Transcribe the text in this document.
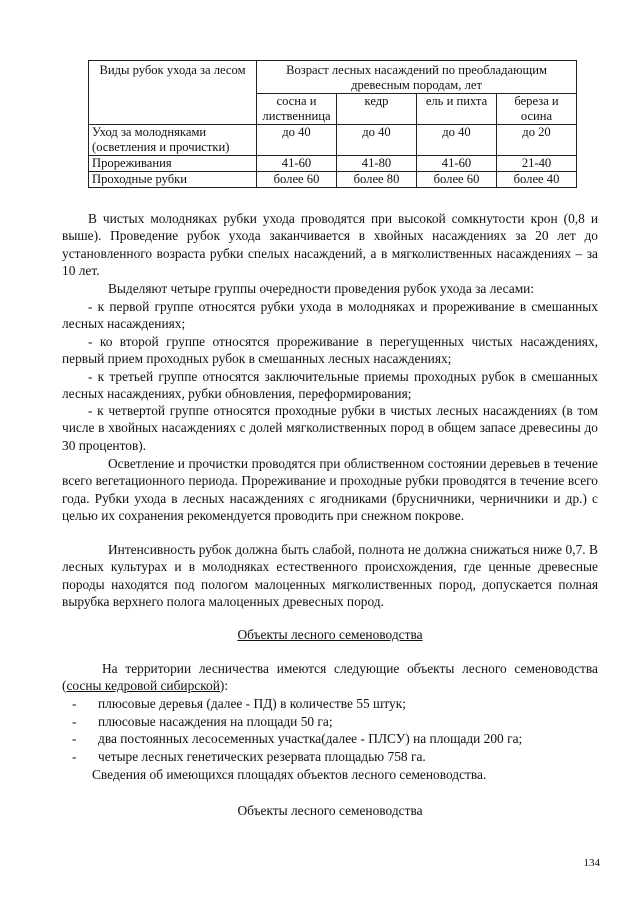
Виды рубок ухода за лесом	Возраст лесных насаждений по преобладающим древесным породам, лет			
	сосна и лиственница	кедр	ель и пихта	береза и осина
Уход за молодняками (осветления и прочистки)	до 40	до 40	до 40	до 20
Прореживания	41-60	41-80	41-60	21-40
Проходные рубки	более 60	более 80	более 60	более 40

В чистых молодняках рубки ухода проводятся при высокой сомкнутости крон (0,8 и выше). Проведение рубок ухода заканчивается в хвойных насаждениях за 20 лет до установленного возраста рубки спелых насаждений, а в мягколиственных насаждениях – за 10 лет.

Выделяют четыре группы очередности проведения рубок ухода за лесами:

- к первой группе относятся рубки ухода в молодняках и прореживание в смешанных лесных насаждениях;

- ко второй группе относятся прореживание в перегущенных чистых насаждениях, первый прием проходных рубок в смешанных лесных насаждениях;

- к третьей группе относятся заключительные приемы проходных рубок в смешанных лесных насаждениях, рубки обновления, переформирования;

- к четвертой группе относятся проходные рубки в чистых лесных насаждениях (в том числе в хвойных насаждениях с долей мягколиственных пород в общем запасе древесины до 30 процентов).

Осветление и прочистки проводятся при облиственном состоянии деревьев в течение всего вегетационного периода. Прореживание и проходные рубки проводятся в течение всего года. Рубки ухода в лесных насаждениях с ягодниками (брусничники, черничники и др.) с целью их сохранения рекомендуется проводить при снежном покрове.

Интенсивность рубок должна быть слабой, полнота не должна снижаться ниже 0,7. В лесных культурах и в молодняках естественного происхождения, где ценные древесные породы находятся под пологом малоценных мягколиственных пород, допускается полная вырубка верхнего полога малоценных древесных пород.

Объекты лесного семеноводства

На территории лесничества имеются следующие объекты лесного семеноводства (сосны кедровой сибирской):

- плюсовые деревья (далее - ПД) в количестве 55 штук;

- плюсовые насаждения на площади 50 га;

- два постоянных лесосеменных участка(далее - ПЛСУ) на площади 200 га;

- четыре лесных генетических резервата площадью 758 га.

Сведения об имеющихся площадях объектов лесного семеноводства.

Объекты лесного семеноводства

134
